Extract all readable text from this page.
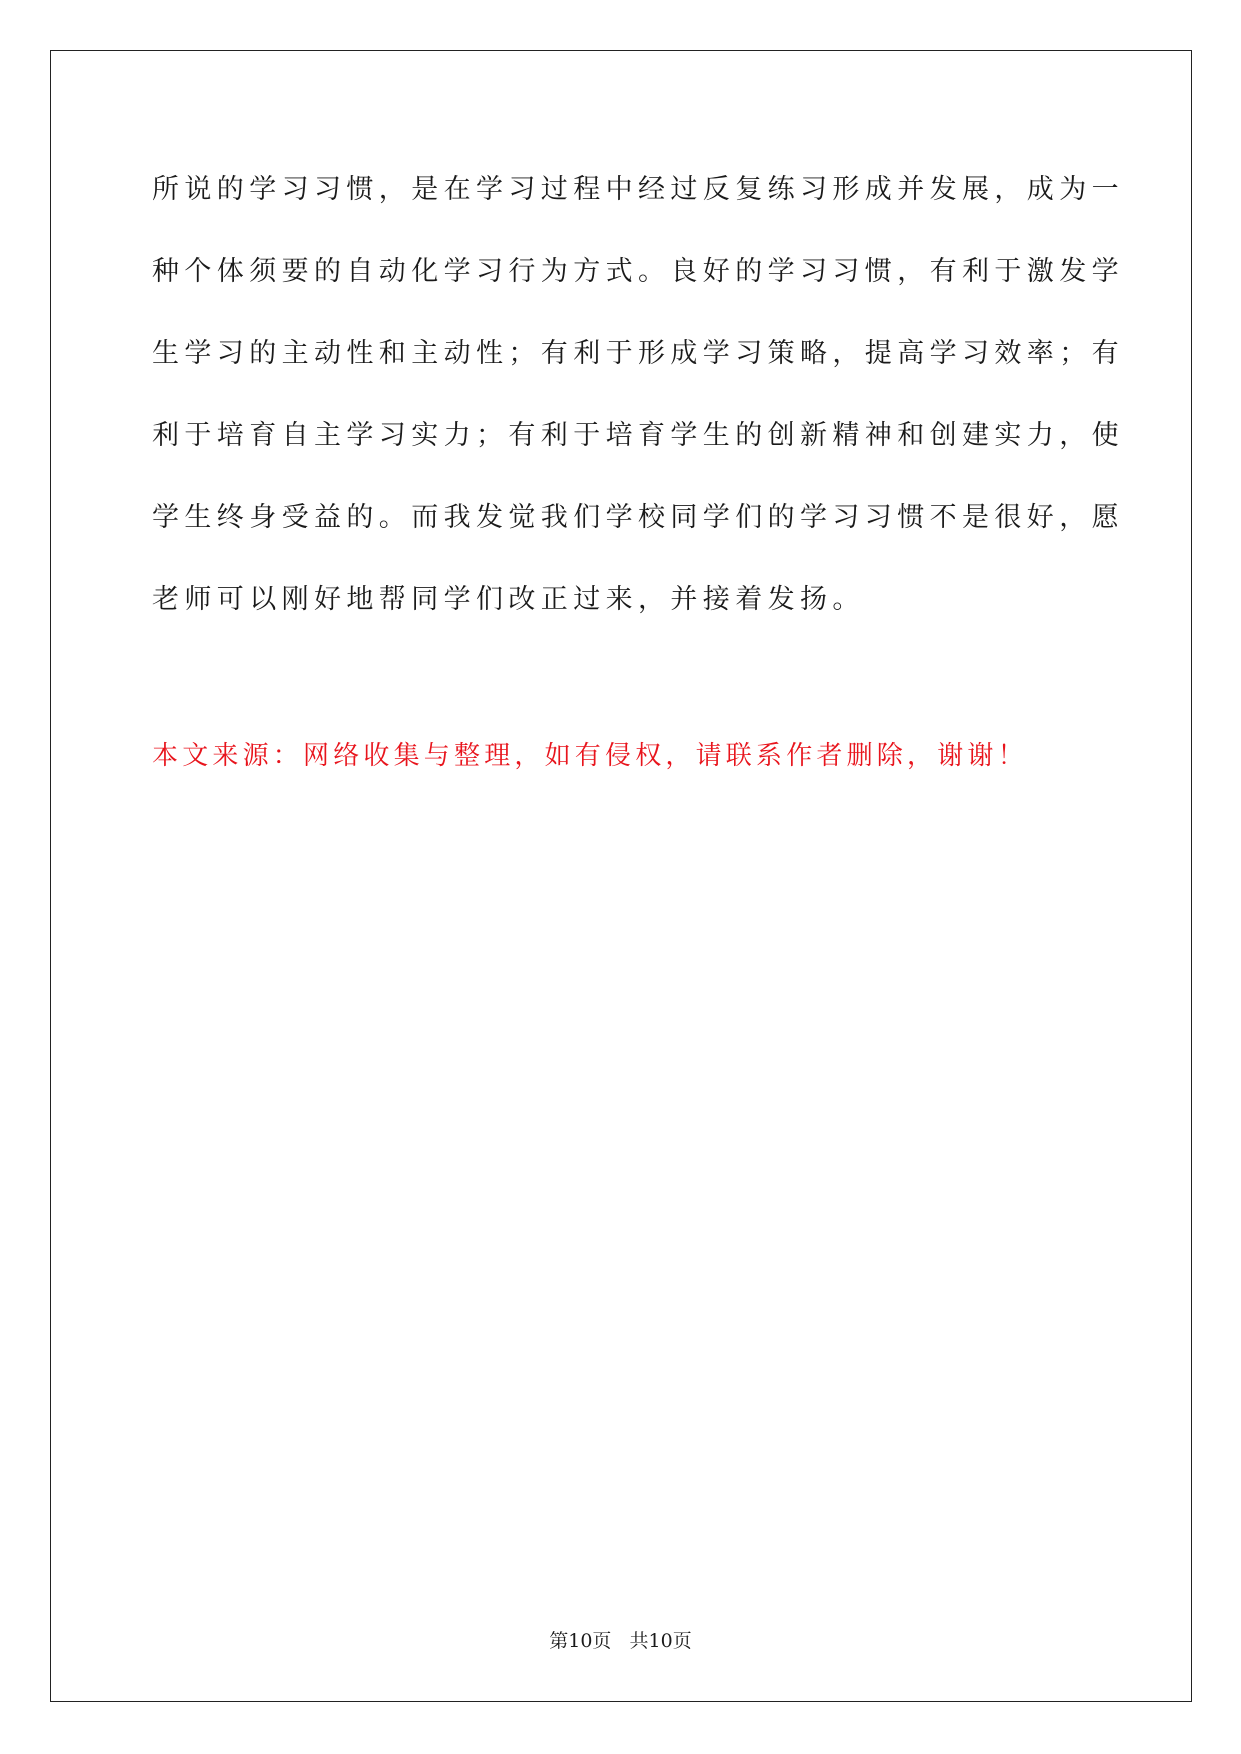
所说的学习习惯，是在学习过程中经过反复练习形成并发展，成为一
种个体须要的自动化学习行为方式。良好的学习习惯，有利于激发学
生学习的主动性和主动性；有利于形成学习策略，提高学习效率；有
利于培育自主学习实力；有利于培育学生的创新精神和创建实力，使
学生终身受益的。而我发觉我们学校同学们的学习习惯不是很好，愿
老师可以刚好地帮同学们改正过来，并接着发扬。
本文来源：网络收集与整理，如有侵权，请联系作者删除，谢谢！
第10页   共10页
